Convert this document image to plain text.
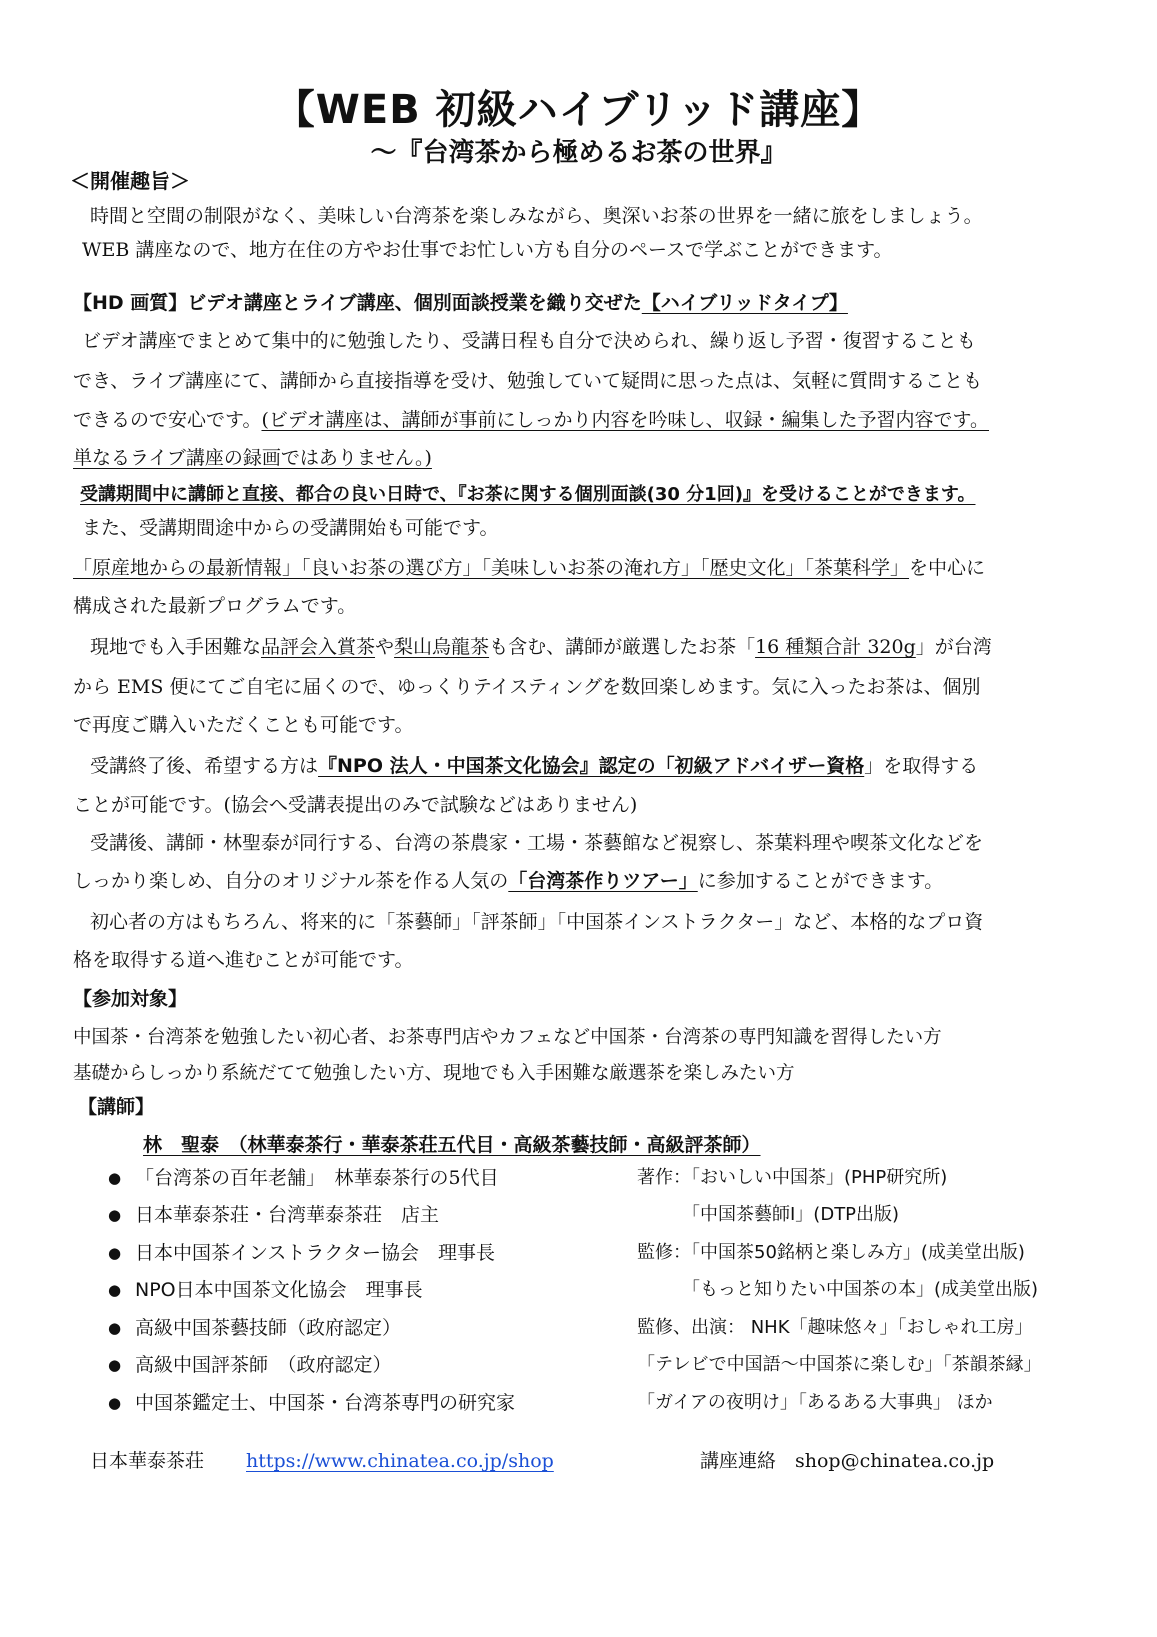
【WEB 初級ハイブリッド講座】
〜『台湾茶から極めるお茶の世界』
＜開催趣旨＞
時間と空間の制限がなく、美味しい台湾茶を楽しみながら、奥深いお茶の世界を一緒に旅をしましょう。
WEB 講座なので、地方在住の方やお仕事でお忙しい方も自分のペースで学ぶことができます。
【HD 画質】ビデオ講座とライブ講座、個別面談授業を織り交ぜた【ハイブリッドタイプ】
ビデオ講座でまとめて集中的に勉強したり、受講日程も自分で決められ、繰り返し予習・復習することも
でき、ライブ講座にて、講師から直接指導を受け、勉強していて疑問に思った点は、気軽に質問することも
できるので安心です。(ビデオ講座は、講師が事前にしっかり内容を吟味し、収録・編集した予習内容です。
単なるライブ講座の録画ではありません。)
受講期間中に講師と直接、都合の良い日時で、『お茶に関する個別面談(30 分1回)』を受けることができます。
また、受講期間途中からの受講開始も可能です。
「原産地からの最新情報」「良いお茶の選び方」「美味しいお茶の淹れ方」「歴史文化」「茶葉科学」を中心に
構成された最新プログラムです。
現地でも入手困難な品評会入賞茶や梨山烏龍茶も含む、講師が厳選したお茶「16 種類合計 320g」が台湾
から EMS 便にてご自宅に届くので、ゆっくりテイスティングを数回楽しめます。気に入ったお茶は、個別
で再度ご購入いただくことも可能です。
受講終了後、希望する方は『NPO 法人・中国茶文化協会』認定の「初級アドバイザー資格」を取得する
ことが可能です。(協会へ受講表提出のみで試験などはありません)
受講後、講師・林聖泰が同行する、台湾の茶農家・工場・茶藝館など視察し、茶葉料理や喫茶文化などを
しっかり楽しめ、自分のオリジナル茶を作る人気の「台湾茶作りツアー」に参加することができます。
初心者の方はもちろん、将来的に「茶藝師」「評茶師」「中国茶インストラクター」など、本格的なプロ資
格を取得する道へ進むことが可能です。
【参加対象】
中国茶・台湾茶を勉強したい初心者、お茶専門店やカフェなど中国茶・台湾茶の専門知識を習得したい方
基礎からしっかり系統だてて勉強したい方、現地でも入手困難な厳選茶を楽しみたい方
【講師】
林　聖泰　（林華泰茶行・華泰茶荘五代目・高級茶藝技師・高級評茶師）
●
●
●
●
●
●
●
「台湾茶の百年老舗」　林華泰茶行の5代目
日本華泰茶荘・台湾華泰茶荘　店主
日本中国茶インストラクター協会　理事長
NPO日本中国茶文化協会　理事長
高級中国茶藝技師（政府認定）
高級中国評茶師　（政府認定）
中国茶鑑定士、中国茶・台湾茶専門の研究家
著作：「おいしい中国茶」(PHP研究所)
　　　「中国茶藝師Ⅰ」(DTP出版)
監修：「中国茶50銘柄と楽しみ方」(成美堂出版)
　　　「もっと知りたい中国茶の本」(成美堂出版)
監修、出演： NHK「趣味悠々」「おしゃれ工房」
「テレビで中国語〜中国茶に楽しむ」「茶韻茶縁」
「ガイアの夜明け」「あるある大事典」 ほか
日本華泰茶荘 https://www.chinatea.co.jp/shop	講座連絡 shop@chinatea.co.jp
